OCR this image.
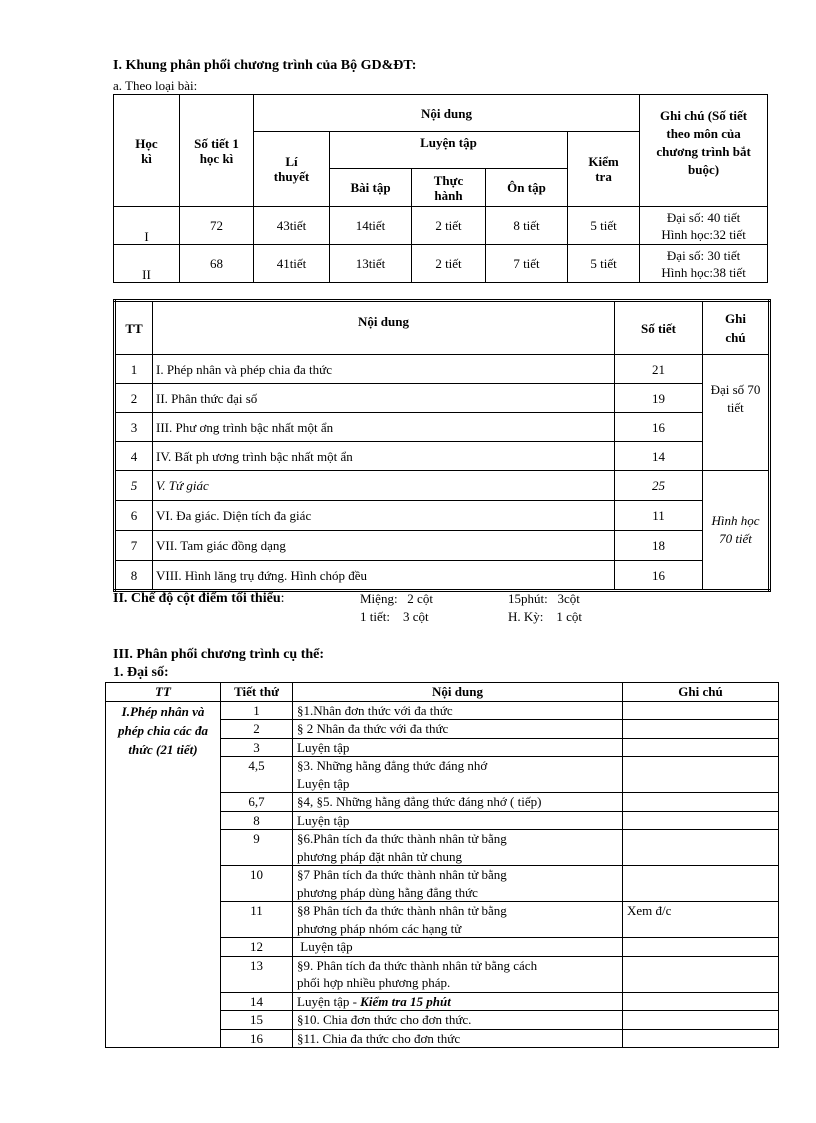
I. Khung phân phối chương trình của Bộ GD&ĐT:
a. Theo loại bài:
Học kì	Số tiết 1 học kì	Nội dung					Ghi chú (Số tiết theo môn của chương trình bắt buộc)

		Lí thuyết	Luyện tập			Kiểm tra	

			Bài tập	Thực hành	Ôn tập		
I	72	43tiết	14tiết	2 tiết	8 tiết	5 tiết	Đại số: 40 tiết
Hình học:32 tiết

II	68	41tiết	13tiết	2 tiết	7 tiết	5 tiết	Đại số: 30 tiết
Hình học:38 tiết
TT	Nội dung	Số tiết	Ghi chú

1	I. Phép nhân và phép chia đa thức	21	Đại số 70 tiết

2	II. Phân thức đại số	19	
3	III. Phư ơng trình bậc nhất một ẩn	16	
4	IV. Bất ph ương trình bậc nhất một ẩn	14	
5	V. Tứ giác	25	Hình học 70 tiết

6	VI. Đa giác. Diện tích đa giác	11	
7	VII. Tam giác đồng dạng	18	
8	VIII. Hình lăng trụ đứng. Hình chóp đều	16	
II. Chế độ cột điểm tối thiểu:	Miệng:   2 cột	15phút:   3cột
1 tiết:    3 cột	H. Kỳ:    1 cột
III. Phân phối chương trình cụ thể:
1. Đại số:
TT	Tiết thứ	Nội dung	Ghi chú

I.Phép nhân và phép chia các đa thức (21 tiết)	1	§1.Nhân đơn thức với đa thức	

	2	§ 2 Nhân đa thức với đa thức	

	3	Luyện tập	

	4,5	§3. Những hằng đẳng thức đáng nhớ
Luyện tập	

	6,7	§4, §5. Những hằng đẳng thức đáng nhớ ( tiếp)	

	8	Luyện tập	

	9	§6.Phân tích đa thức thành nhân tử bằng
phương pháp đặt nhân tử chung	

	10	§7 Phân tích đa thức thành nhân tử bằng
phương pháp dùng hằng đẳng thức	

	11	§8 Phân tích đa thức thành nhân tử bằng
phương pháp nhóm các hạng tử	Xem đ/c
	12	Luyện tập	

	13	§9. Phân tích đa thức thành nhân tử bằng cách
phối hợp nhiều phương pháp.	

	14	Luyện tập - Kiểm tra 15 phút	
	15	§10. Chia đơn thức cho đơn thức.	

	16	§11. Chia đa thức cho đơn thức	
